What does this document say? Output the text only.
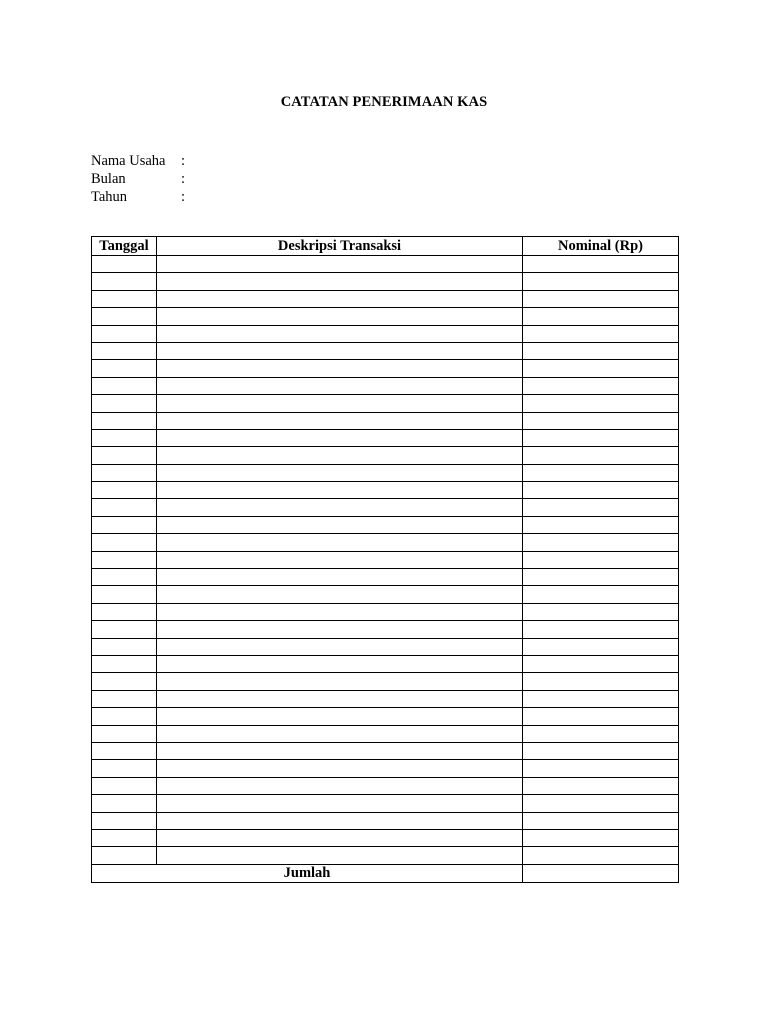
CATATAN PENERIMAAN KAS
Nama Usaha	:
Bulan	:
Tahun	:
Tanggal	Deskripsi Transaksi	Nominal (Rp)

Jumlah		
